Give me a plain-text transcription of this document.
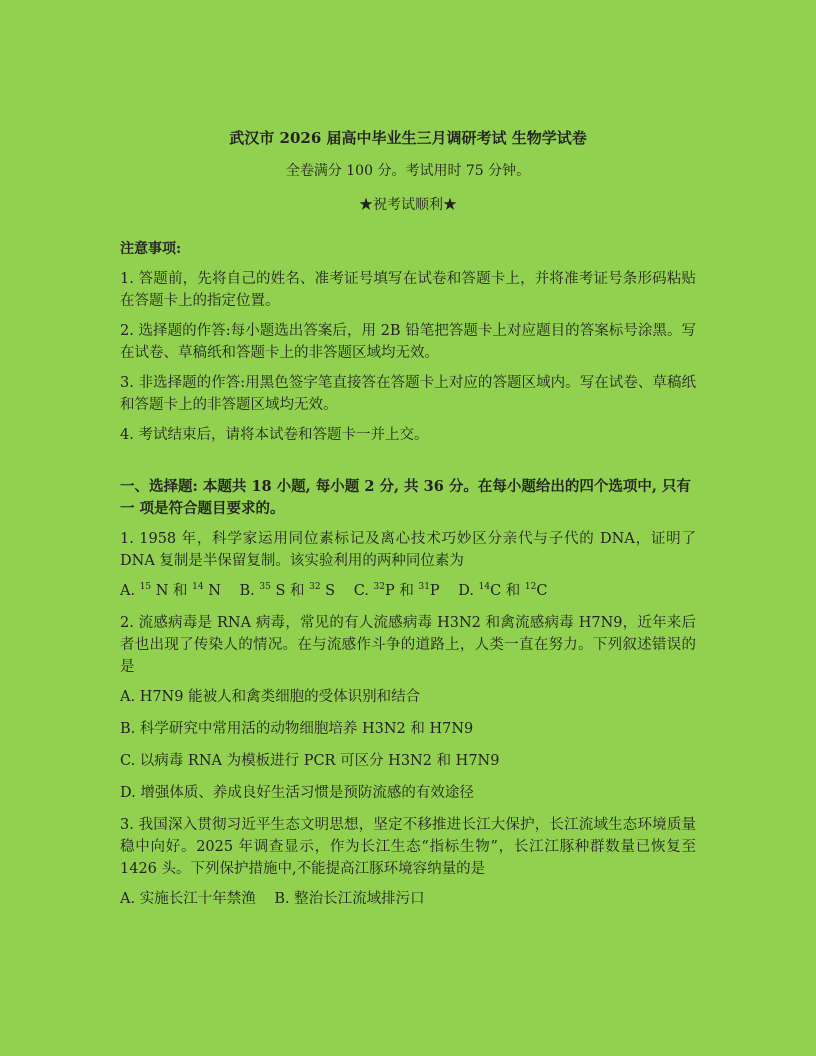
武汉市 2026 届高中毕业生三月调研考试 生物学试卷
全卷满分 100 分。考试用时 75 分钟。
★祝考试顺利★
注意事项:
1. 答题前，先将自己的姓名、准考证号填写在试卷和答题卡上，并将准考证号条形码粘贴在答题卡上的指定位置。
2. 选择题的作答:每小题选出答案后，用 2B 铅笔把答题卡上对应题目的答案标号涂黑。写在试卷、草稿纸和答题卡上的非答题区域均无效。
3. 非选择题的作答:用黑色签字笔直接答在答题卡上对应的答题区域内。写在试卷、草稿纸和答题卡上的非答题区域均无效。
4. 考试结束后，请将本试卷和答题卡一并上交。
一、选择题: 本题共 18 小题, 每小题 2 分, 共 36 分。在每小题给出的四个选项中, 只有一 项是符合题目要求的。
1. 1958 年，科学家运用同位素标记及离心技术巧妙区分亲代与子代的 DNA，证明了 DNA 复制是半保留复制。该实验利用的两种同位素为
A. $^{15}$ N 和 $^{14}$ N B. $^{35}$ S 和 $^{32}$ S C. $^{32}$P 和 $^{31}$P D. $^{14}$C 和 $^{12}$C
2. 流感病毒是 RNA 病毒，常见的有人流感病毒 H3N2 和禽流感病毒 H7N9，近年来后者也出现了传染人的情况。在与流感作斗争的道路上，人类一直在努力。下列叙述错误的是
A. H7N9 能被人和禽类细胞的受体识别和结合
B. 科学研究中常用活的动物细胞培养 H3N2 和 H7N9
C. 以病毒 RNA 为模板进行 PCR 可区分 H3N2 和 H7N9
D. 增强体质、养成良好生活习惯是预防流感的有效途径
3. 我国深入贯彻习近平生态文明思想，坚定不移推进长江大保护，长江流域生态环境质量稳中向好。2025 年调查显示，作为长江生态“指标生物”，长江江豚种群数量已恢复至 1426 头。下列保护措施中,不能提高江豚环境容纳量的是
A. 实施长江十年禁渔 B. 整治长江流域排污口
